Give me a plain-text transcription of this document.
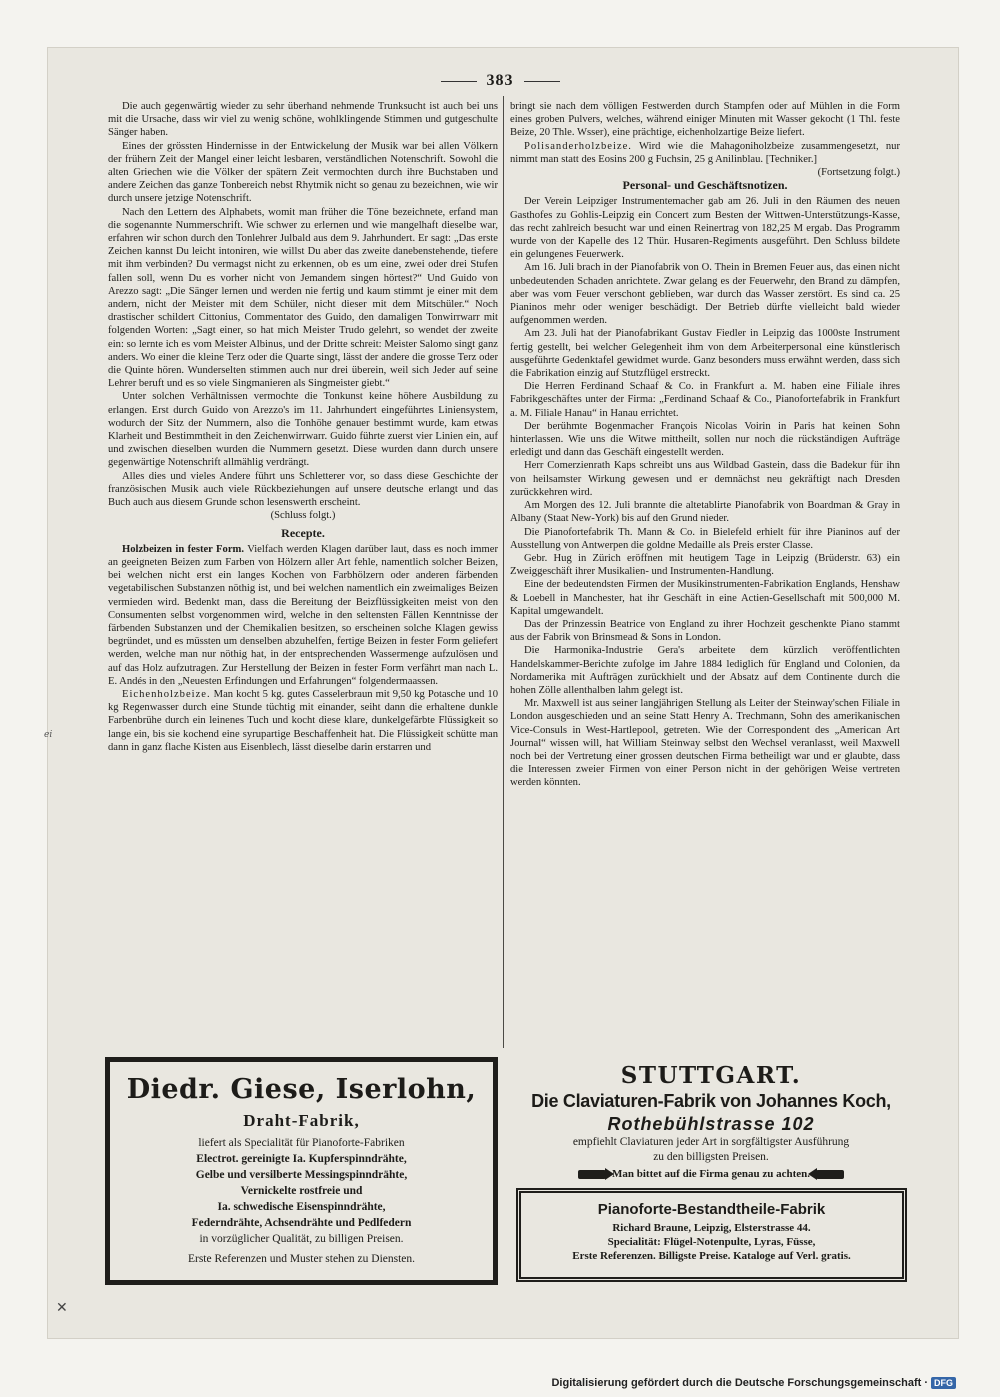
383

Die auch gegenwärtig wieder zu sehr überhand nehmende Trunksucht ist auch bei uns mit die Ursache, dass wir viel zu wenig schöne, wohlklingende Stimmen und gutgeschulte Sänger haben.

Eines der grössten Hindernisse in der Entwickelung der Musik war bei allen Völkern der frühern Zeit der Mangel einer leicht lesbaren, verständlichen Notenschrift. Sowohl die alten Griechen wie die Völker der spätern Zeit vermochten durch ihre Buchstaben und andere Zeichen das ganze Tonbereich nebst Rhytmik nicht so genau zu bezeichnen, wie wir durch unsere jetzige Notenschrift.

Nach den Lettern des Alphabets, womit man früher die Töne bezeichnete, erfand man die sogenannte Nummerschrift. Wie schwer zu erlernen und wie mangelhaft dieselbe war, erfahren wir schon durch den Tonlehrer Julbald aus dem 9. Jahrhundert. Er sagt: „Das erste Zeichen kannst Du leicht intoniren, wie willst Du aber das zweite danebenstehende, tiefere mit ihm verbinden? Du vermagst nicht zu erkennen, ob es um eine, zwei oder drei Stufen fallen soll, wenn Du es vorher nicht von Jemandem singen hörtest?“ Und Guido von Arezzo sagt: „Die Sänger lernen und werden nie fertig und kaum stimmt je einer mit dem andern, nicht der Meister mit dem Schüler, nicht dieser mit dem Mitschüler.“ Noch drastischer schildert Cittonius, Commentator des Guido, den damaligen Tonwirrwarr mit folgenden Worten: „Sagt einer, so hat mich Meister Trudo gelehrt, so wendet der zweite ein: so lernte ich es vom Meister Albinus, und der Dritte schreit: Meister Salomo singt ganz anders. Wo einer die kleine Terz oder die Quarte singt, lässt der andere die grosse Terz oder die Quinte hören. Wunderselten stimmen auch nur drei überein, weil sich Jeder auf seine Lehrer beruft und es so viele Singmanieren als Singmeister giebt.“

Unter solchen Verhältnissen vermochte die Tonkunst keine höhere Ausbildung zu erlangen. Erst durch Guido von Arezzo's im 11. Jahrhundert eingeführtes Liniensystem, wodurch der Sitz der Nummern, also die Tonhöhe genauer bestimmt wurde, kam etwas Klarheit und Bestimmtheit in den Zeichenwirrwarr. Guido führte zuerst vier Linien ein, auf und zwischen dieselben wurden die Nummern gesetzt. Diese wurden dann durch unsere gegenwärtige Notenschrift allmählig verdrängt.

Alles dies und vieles Andere führt uns Schletterer vor, so dass diese Geschichte der französischen Musik auch viele Rückbeziehungen auf unsere deutsche erlangt und das Buch auch aus diesem Grunde schon lesenswerth erscheint.

(Schluss folgt.)

Recepte.

Holzbeizen in fester Form. Vielfach werden Klagen darüber laut, dass es noch immer an geeigneten Beizen zum Farben von Hölzern aller Art fehle, namentlich solcher Beizen, bei welchen nicht erst ein langes Kochen von Farbhölzern oder anderen färbenden vegetabilischen Substanzen nöthig ist, und bei welchen namentlich ein zweimaliges Beizen vermieden wird. Bedenkt man, dass die Bereitung der Beizflüssigkeiten meist von den Consumenten selbst vorgenommen wird, welche in den seltensten Fällen Kenntnisse der färbenden Substanzen und der Chemikalien besitzen, so erscheinen solche Klagen gewiss begründet, und es müssten um denselben abzuhelfen, fertige Beizen in fester Form geliefert werden, welche man nur nöthig hat, in der entsprechenden Wassermenge aufzulösen und auf das Holz aufzutragen. Zur Herstellung der Beizen in fester Form verfährt man nach L. E. Andés in den „Neuesten Erfindungen und Erfahrungen“ folgendermaassen.

Eichenholzbeize. Man kocht 5 kg. gutes Casselerbraun mit 9,50 kg Potasche und 10 kg Regenwasser durch eine Stunde tüchtig mit einander, seiht dann die erhaltene dunkle Farbenbrühe durch ein leinenes Tuch und kocht diese klare, dunkelgefärbte Flüssigkeit so lange ein, bis sie kochend eine syrupartige Beschaffenheit hat. Die Flüssigkeit schütte man dann in ganz flache Kisten aus Eisenblech, lässt dieselbe darin erstarren und

bringt sie nach dem völligen Festwerden durch Stampfen oder auf Mühlen in die Form eines groben Pulvers, welches, während einiger Minuten mit Wasser gekocht (1 Thl. feste Beize, 20 Thle. Wsser), eine prächtige, eichenholzartige Beize liefert.

Polisanderholzbeize. Wird wie die Mahagoniholzbeize zusammengesetzt, nur nimmt man statt des Eosins 200 g Fuchsin, 25 g Anilinblau. [Techniker.]
(Fortsetzung folgt.)

Personal- und Geschäftsnotizen.

Der Verein Leipziger Instrumentemacher gab am 26. Juli in den Räumen des neuen Gasthofes zu Gohlis-Leipzig ein Concert zum Besten der Wittwen-Unterstützungs-Kasse, das recht zahlreich besucht war und einen Reinertrag von 182,25 M ergab. Das Programm wurde von der Kapelle des 12 Thür. Husaren-Regiments ausgeführt. Den Schluss bildete ein gelungenes Feuerwerk.

Am 16. Juli brach in der Pianofabrik von O. Thein in Bremen Feuer aus, das einen nicht unbedeutenden Schaden anrichtete. Zwar gelang es der Feuerwehr, den Brand zu dämpfen, aber was vom Feuer verschont geblieben, war durch das Wasser zerstört. Es sind ca. 25 Pianinos mehr oder weniger beschädigt. Der Betrieb dürfte vielleicht bald wieder aufgenommen werden.

Am 23. Juli hat der Pianofabrikant Gustav Fiedler in Leipzig das 1000ste Instrument fertig gestellt, bei welcher Gelegenheit ihm von dem Arbeiterpersonal eine künstlerisch ausgeführte Gedenktafel gewidmet wurde. Ganz besonders muss erwähnt werden, dass sich die Fabrikation einzig auf Stutzflügel erstreckt.

Die Herren Ferdinand Schaaf & Co. in Frankfurt a. M. haben eine Filiale ihres Fabrikgeschäftes unter der Firma: „Ferdinand Schaaf & Co., Pianofortefabrik in Frankfurt a. M. Filiale Hanau“ in Hanau errichtet.

Der berühmte Bogenmacher François Nicolas Voirin in Paris hat keinen Sohn hinterlassen. Wie uns die Witwe mittheilt, sollen nur noch die rückständigen Aufträge erledigt und dann das Geschäft eingestellt werden.

Herr Comerzienrath Kaps schreibt uns aus Wildbad Gastein, dass die Badekur für ihn von heilsamster Wirkung gewesen und er demnächst neu gekräftigt nach Dresden zurückkehren wird.

Am Morgen des 12. Juli brannte die altetablirte Pianofabrik von Boardman & Gray in Albany (Staat New-York) bis auf den Grund nieder.

Die Pianofortefabrik Th. Mann & Co. in Bielefeld erhielt für ihre Pianinos auf der Ausstellung von Antwerpen die goldne Medaille als Preis erster Classe.

Gebr. Hug in Zürich eröffnen mit heutigem Tage in Leipzig (Brüderstr. 63) ein Zweiggeschäft ihrer Musikalien- und Instrumenten-Handlung.

Eine der bedeutendsten Firmen der Musikinstrumenten-Fabrikation Englands, Henshaw & Loebell in Manchester, hat ihr Geschäft in eine Actien-Gesellschaft mit 500,000 M. Kapital umgewandelt.

Das der Prinzessin Beatrice von England zu ihrer Hochzeit geschenkte Piano stammt aus der Fabrik von Brinsmead & Sons in London.

Die Harmonika-Industrie Gera's arbeitete dem kürzlich veröffentlichten Handelskammer-Berichte zufolge im Jahre 1884 lediglich für England und Colonien, da Nordamerika mit Aufträgen zurückhielt und der Absatz auf dem Continente durch die hohen Zölle allenthalben lahm gelegt ist.

Mr. Maxwell ist aus seiner langjährigen Stellung als Leiter der Steinway'schen Filiale in London ausgeschieden und an seine Statt Henry A. Trechmann, Sohn des amerikanischen Vice-Consuls in West-Hartlepool, getreten. Wie der Correspondent des „American Art Journal“ wissen will, hat William Steinway selbst den Wechsel veranlasst, weil Maxwell noch bei der Vertretung einer grossen deutschen Firma betheiligt war und er glaubte, dass die Interessen zweier Firmen von einer Person nicht in der gehörigen Weise vertreten werden könnten.

Diedr. Giese, Iserlohn,
Draht-Fabrik,
liefert als Specialität für Pianoforte-Fabriken
Electrot. gereinigte Ia. Kupferspinndrähte,
Gelbe und versilberte Messingspinndrähte,
Vernickelte rostfreie und
Ia. schwedische Eisenspinndrähte,
Federndrähte, Achsendrähte und Pedlfedern
in vorzüglicher Qualität, zu billigen Preisen.
Erste Referenzen und Muster stehen zu Diensten.
STUTTGART.
Die Claviaturen-Fabrik von Johannes Koch,
Rothebühlstrasse 102
empfiehlt Claviaturen jeder Art in sorgfältigster Ausführung
zu den billigsten Preisen.
Man bittet auf die Firma genau zu achten.
Pianoforte-Bestandtheile-Fabrik
Richard Braune, Leipzig, Elsterstrasse 44.
Specialität: Flügel-Notenpulte, Lyras, Füsse,
Erste Referenzen. Billigste Preise. Kataloge auf Verl. gratis.
ei
✕
Digitalisierung gefördert durch die Deutsche Forschungsgemeinschaft · DFG
